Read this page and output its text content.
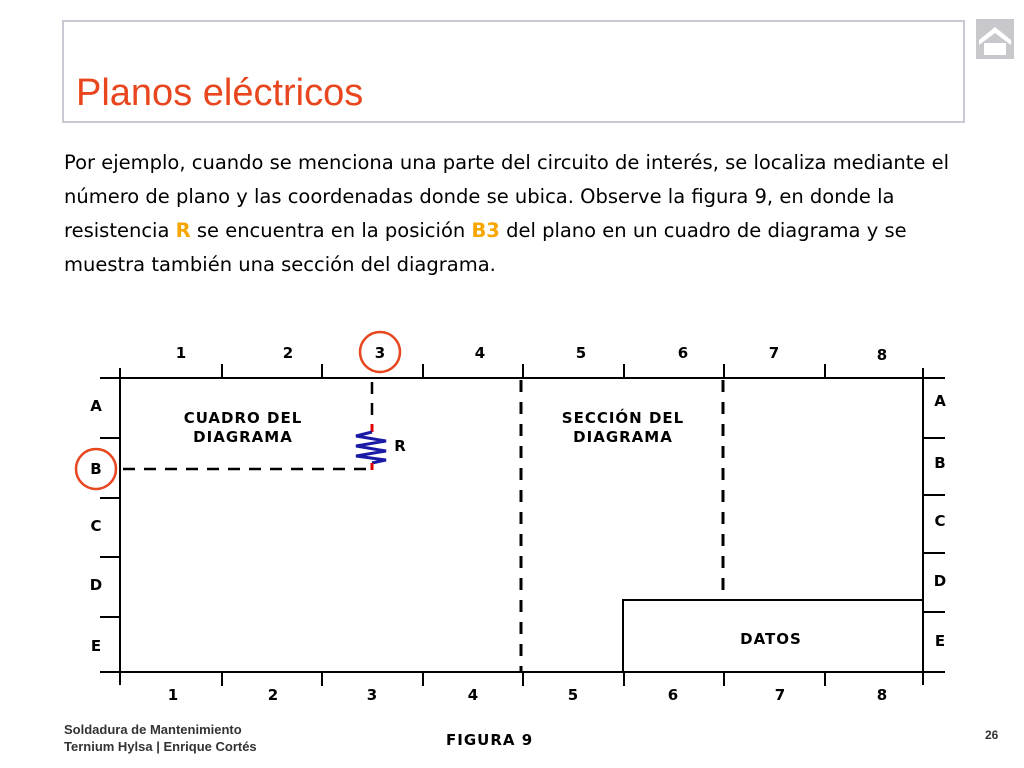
Planos eléctricos

Por ejemplo, cuando se menciona una parte del circuito de interés, se localiza mediante el número de plano y las coordenadas donde se ubica. Observe la figura 9, en donde la resistencia R se encuentra en la posición B3 del plano en un cuadro de diagrama y se muestra también una sección del diagrama.

1	2	3	4	5	6	7	8
1	2	3	4	5	6	7	8
A
B
C
D
E
A
B
C
D
E
CUADRO DEL
DIAGRAMA
SECCIÓN DEL
DIAGRAMA
R
DATOS
Soldadura de Mantenimiento
Ternium Hylsa | Enrique Cortés	FIGURA 9	26
